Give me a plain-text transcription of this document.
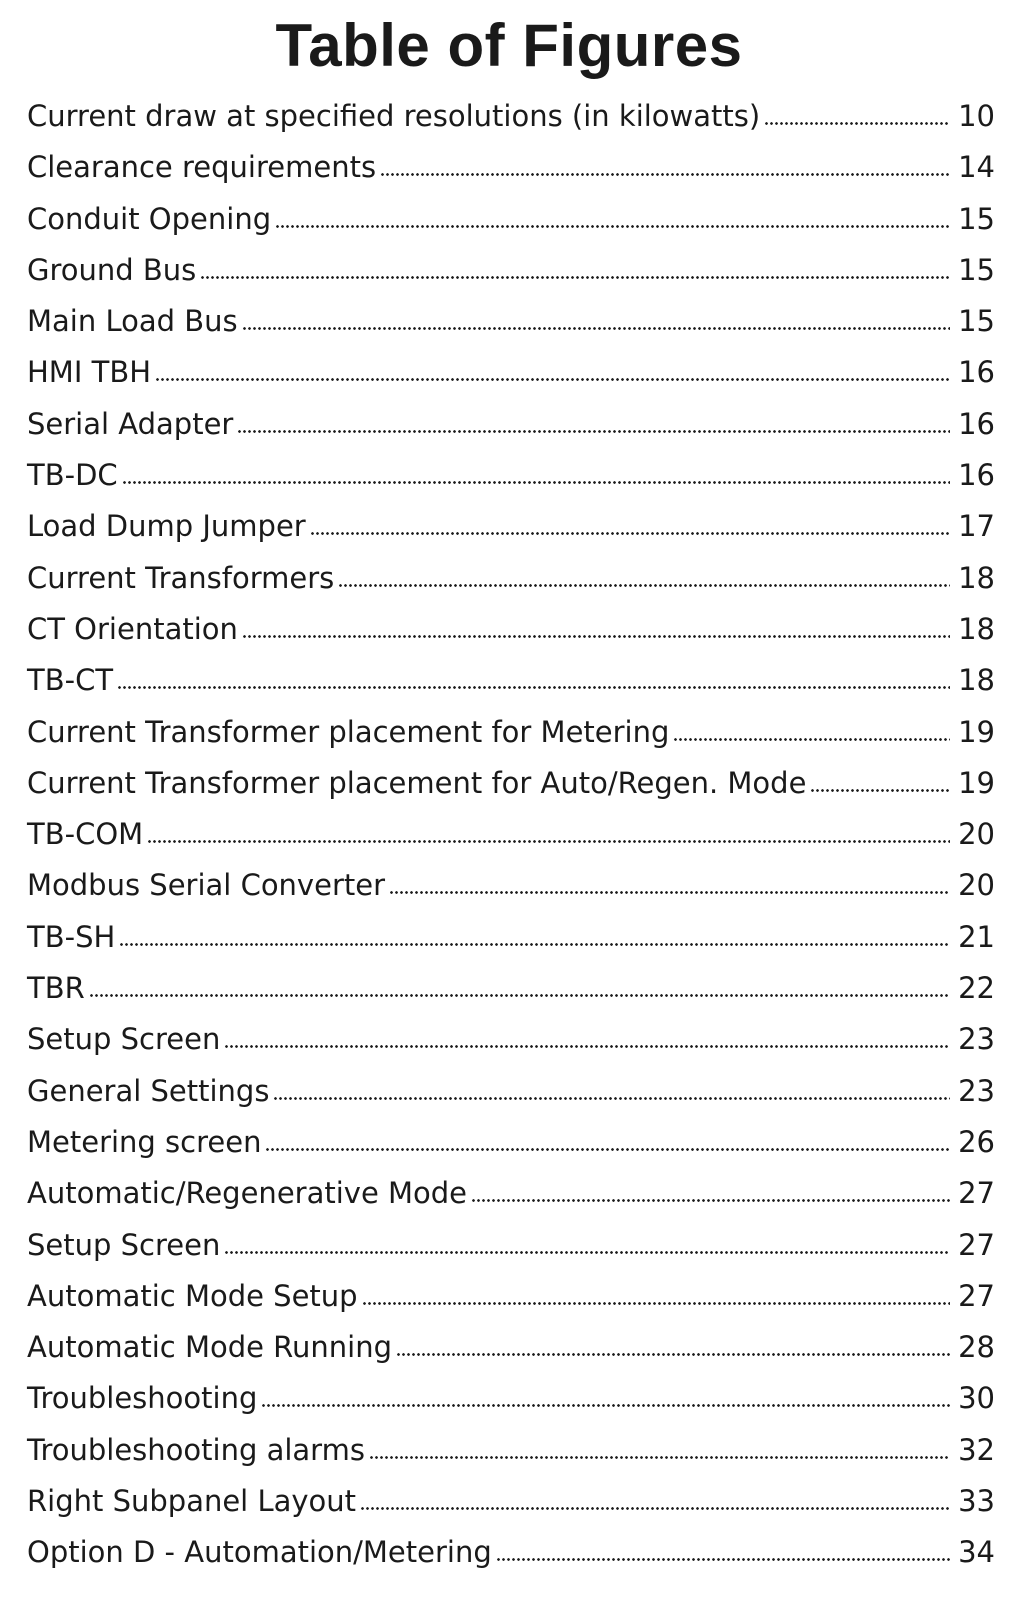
Table of Figures
Current draw at specified resolutions (in kilowatts)	10
Clearance requirements	14
Conduit Opening	15
Ground Bus	15
Main Load Bus	15
HMI TBH	16
Serial Adapter	16
TB-DC	16
Load Dump Jumper	17
Current Transformers	18
CT Orientation	18
TB-CT	18
Current Transformer placement for Metering	19
Current Transformer placement for Auto/Regen. Mode	19
TB-COM	20
Modbus Serial Converter	20
TB-SH	21
TBR	22
Setup Screen	23
General Settings	23
Metering screen	26
Automatic/Regenerative Mode	27
Setup Screen	27
Automatic Mode Setup	27
Automatic Mode Running	28
Troubleshooting	30
Troubleshooting alarms	32
Right Subpanel Layout	33
Option D - Automation/Metering	34
